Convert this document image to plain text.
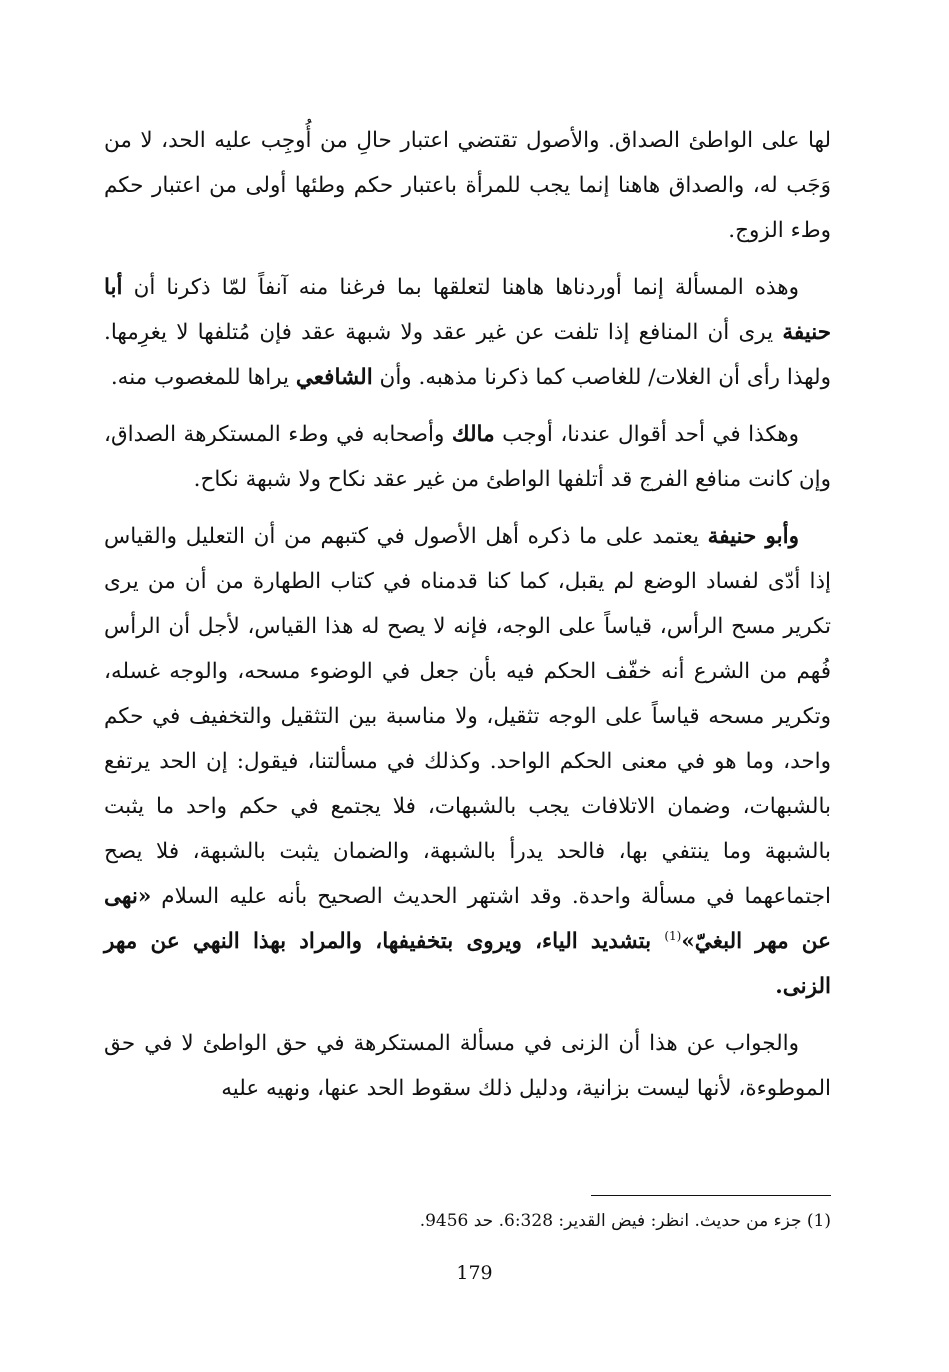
لها على الواطئ الصداق. والأصول تقتضي اعتبار حالِ من أُوجِب عليه الحد، لا من وَجَب له، والصداق هاهنا إنما يجب للمرأة باعتبار حكم وطئها أولى من اعتبار حكم وطء الزوج.

وهذه المسألة إنما أوردناها هاهنا لتعلقها بما فرغنا منه آنفاً لمّا ذكرنا أن أبا حنيفة يرى أن المنافع إذا تلفت عن غير عقد ولا شبهة عقد فإن مُتلفها لا يغرِمها. ولهذا رأى أن الغلات/ للغاصب كما ذكرنا مذهبه. وأن الشافعي يراها للمغصوب منه.

وهكذا في أحد أقوال عندنا، أوجب مالك وأصحابه في وطء المستكرهة الصداق، وإن كانت منافع الفرج قد أتلفها الواطئ من غير عقد نكاح ولا شبهة نكاح.

وأبو حنيفة يعتمد على ما ذكره أهل الأصول في كتبهم من أن التعليل والقياس إذا أدّى لفساد الوضع لم يقبل، كما كنا قدمناه في كتاب الطهارة من أن من يرى تكرير مسح الرأس، قياساً على الوجه، فإنه لا يصح له هذا القياس، لأجل أن الرأس فُهم من الشرع أنه خفّف الحكم فيه بأن جعل في الوضوء مسحه، والوجه غسله، وتكرير مسحه قياساً على الوجه تثقيل، ولا مناسبة بين التثقيل والتخفيف في حكم واحد، وما هو في معنى الحكم الواحد. وكذلك في مسألتنا، فيقول: إن الحد يرتفع بالشبهات، وضمان الاتلافات يجب بالشبهات، فلا يجتمع في حكم واحد ما يثبت بالشبهة وما ينتفي بها، فالحد يدرأ بالشبهة، والضمان يثبت بالشبهة، فلا يصح اجتماعهما في مسألة واحدة. وقد اشتهر الحديث الصحيح بأنه عليه السلام «نهى عن مهر البغيّ»$^{(1)}$ بتشديد الياء، ويروى بتخفيفها، والمراد بهذا النهي عن مهر الزنى.

والجواب عن هذا أن الزنى في مسألة المستكرهة في حق الواطئ لا في حق الموطوءة، لأنها ليست بزانية، ودليل ذلك سقوط الحد عنها، ونهيه عليه

(1) جزء من حديث. انظر: فيض القدير: 6:328. حد 9456.
179
